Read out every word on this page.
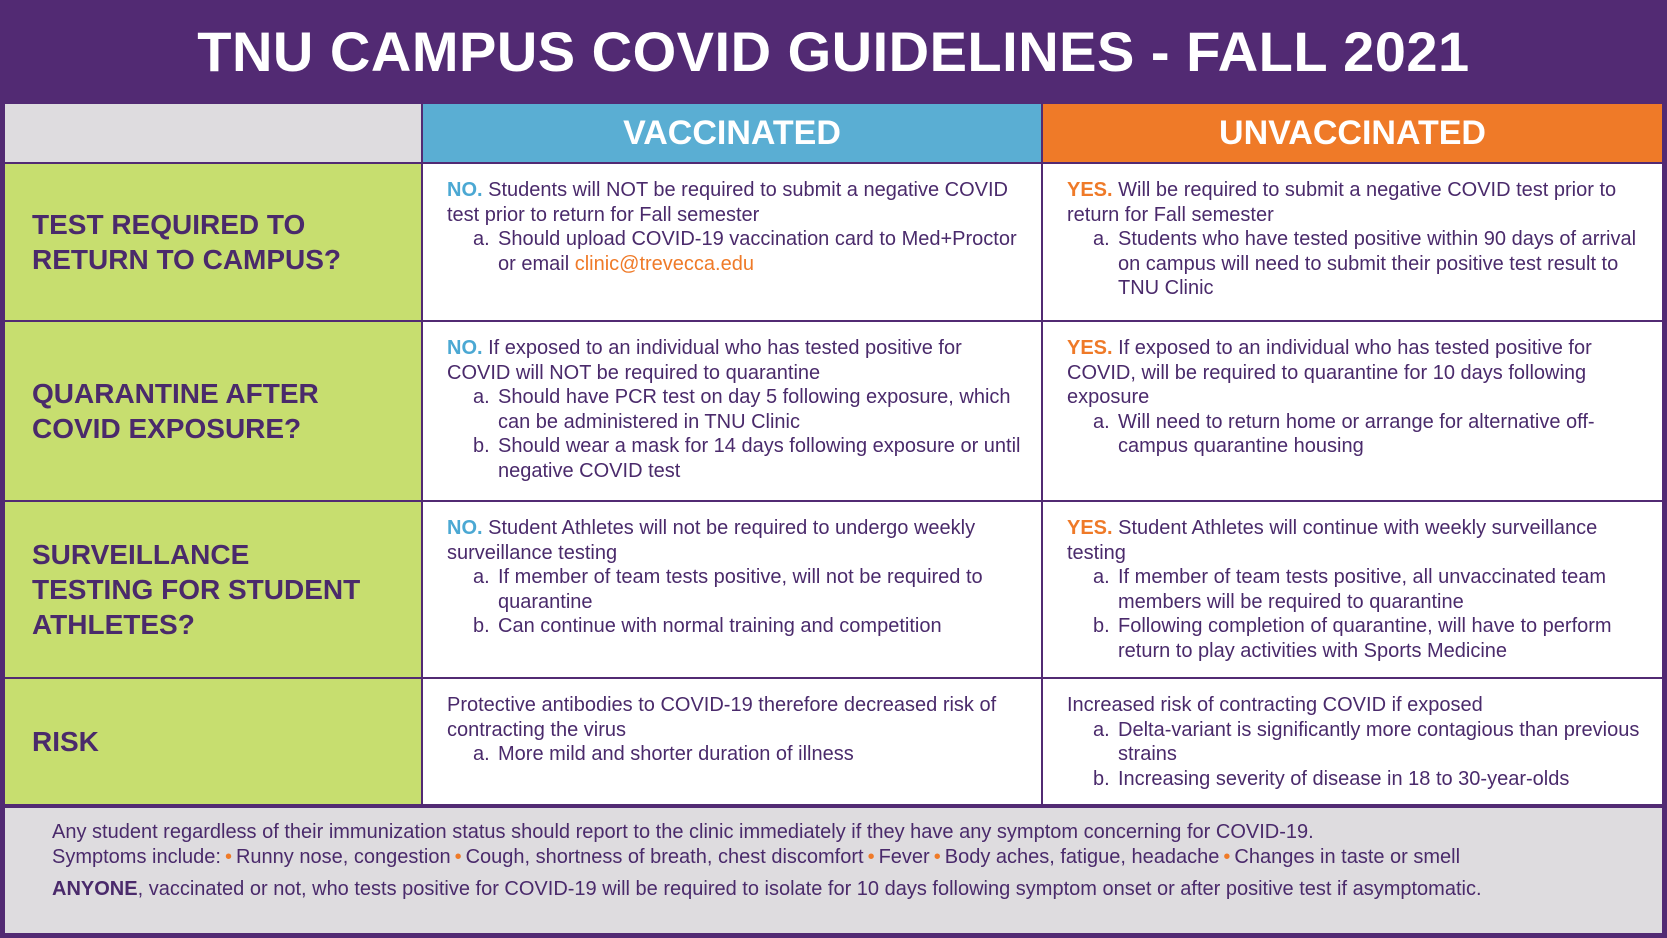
TNU CAMPUS COVID GUIDELINES - FALL 2021
VACCINATED	UNVACCINATED
TEST REQUIRED TO
RETURN TO CAMPUS?

NO. Students will NOT be required to submit a negative COVID test prior to return for Fall semester

a. Should upload COVID-19 vaccination card to Med+Proctor or email clinic@trevecca.edu

YES. Will be required to submit a negative COVID test prior to return for Fall semester

a. Students who have tested positive within 90 days of arrival on campus will need to submit their positive test result to TNU Clinic
QUARANTINE AFTER
COVID EXPOSURE?

NO. If exposed to an individual who has tested positive for COVID will NOT be required to quarantine

a. Should have PCR test on day 5 following exposure, which can be administered in TNU Clinic
b. Should wear a mask for 14 days following exposure or until negative COVID test

YES. If exposed to an individual who has tested positive for COVID, will be required to quarantine for 10 days following exposure

a. Will need to return home or arrange for alternative off-campus quarantine housing
SURVEILLANCE
TESTING FOR STUDENT
ATHLETES?

NO. Student Athletes will not be required to undergo weekly surveillance testing

a. If member of team tests positive, will not be required to quarantine
b. Can continue with normal training and competition

YES. Student Athletes will continue with weekly surveillance testing

a. If member of team tests positive, all unvaccinated team members will be required to quarantine
b. Following completion of quarantine, will have to perform return to play activities with Sports Medicine
RISK

Protective antibodies to COVID-19 therefore decreased risk of contracting the virus

a. More mild and shorter duration of illness

Increased risk of contracting COVID if exposed

a. Delta-variant is significantly more contagious than previous strains
b. Increasing severity of disease in 18 to 30-year-olds
Any student regardless of their immunization status should report to the clinic immediately if they have any symptom concerning for COVID-19.
Symptoms include: • Runny nose, congestion • Cough, shortness of breath, chest discomfort • Fever • Body aches, fatigue, headache • Changes in taste or smell
ANYONE, vaccinated or not, who tests positive for COVID-19 will be required to isolate for 10 days following symptom onset or after positive test if asymptomatic.
